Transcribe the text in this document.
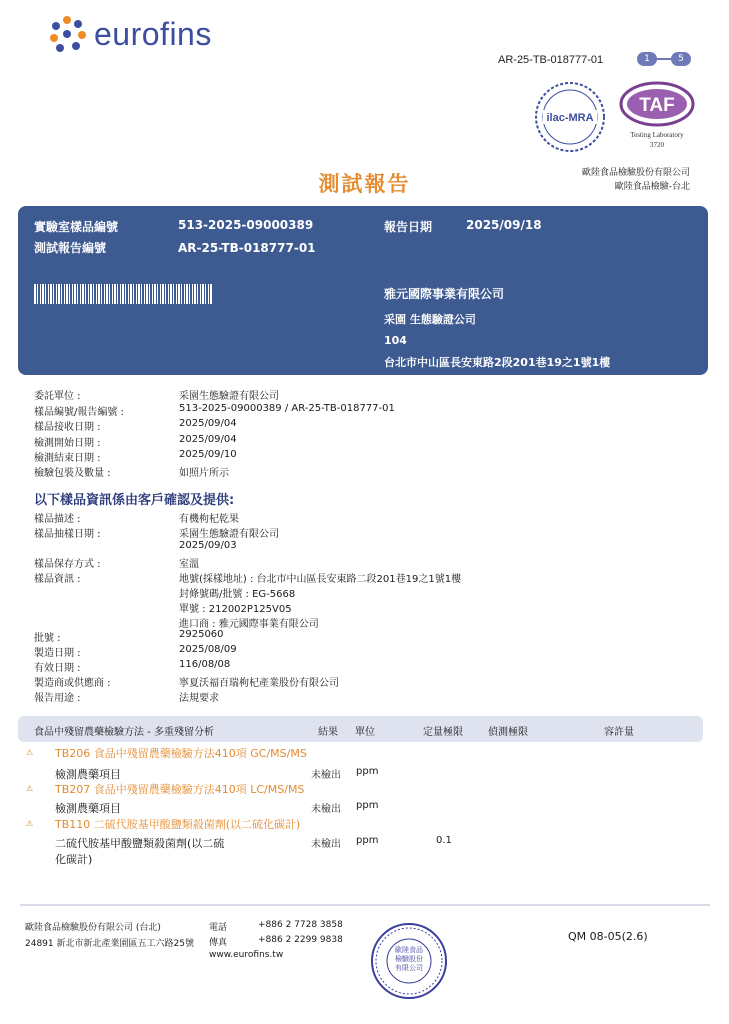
eurofins
AR-25-TB-018777-01	1	5
ilac-MRA
TAF
Testing Laboratory
3720
歐陸食品檢驗股份有限公司
歐陸食品檢驗-台北
測試報告
實驗室樣品編號	513-2025-09000389	報告日期	2025/09/18
測試報告編號	AR-25-TB-018777-01
雅元國際事業有限公司
采園 生態驗證公司
104
台北市中山區長安東路2段201巷19之1號1樓
委託單位 :	采園生態驗證有限公司
樣品編號/報告編號 :	513-2025-09000389 / AR-25-TB-018777-01
樣品接收日期 :	2025/09/04
檢測開始日期 :	2025/09/04
檢測結束日期 :	2025/09/10
檢驗包裝及數量 :	如照片所示
以下樣品資訊係由客戶確認及提供:
樣品描述 :	有機枸杞乾果
樣品抽樣日期 :	采園生態驗證有限公司
2025/09/03
樣品保存方式 :	室溫
樣品資訊 :	地號(採樣地址) : 台北市中山區長安東路二段201巷19之1號1樓
封條號碼/批號 : EG-5668
單號 : 212002P125V05
進口商 : 雅元國際事業有限公司
批號 :	2925060
製造日期 :	2025/08/09
有效日期 :	116/08/08
製造商或供應商 :	寧夏沃福百瑞枸杞產業股份有限公司
報告用途 :	法規要求
食品中殘留農藥檢驗方法 - 多重殘留分析	結果 單位	定量極限	偵測極限	容許量
⚠ TB206 食品中殘留農藥檢驗方法410項 GC/MS/MS
檢測農藥項目	未檢出 ppm
⚠ TB207 食品中殘留農藥檢驗方法410項 LC/MS/MS
檢測農藥項目	未檢出 ppm
⚠ TB110 二硫代胺基甲酸鹽類殺菌劑(以二硫化碳計)
二硫代胺基甲酸鹽類殺菌劑(以二硫
化碳計)
未檢出 ppm	0.1
歐陸食品檢驗股份有限公司 (台北)
24891 新北市新北產業園區五工六路25號
電話	+886 2 7728 3858
傳真	+886 2 2299 9838
www.eurofins.tw	歐陸食品檢驗股份有限公司
QM 08-05(2.6)
